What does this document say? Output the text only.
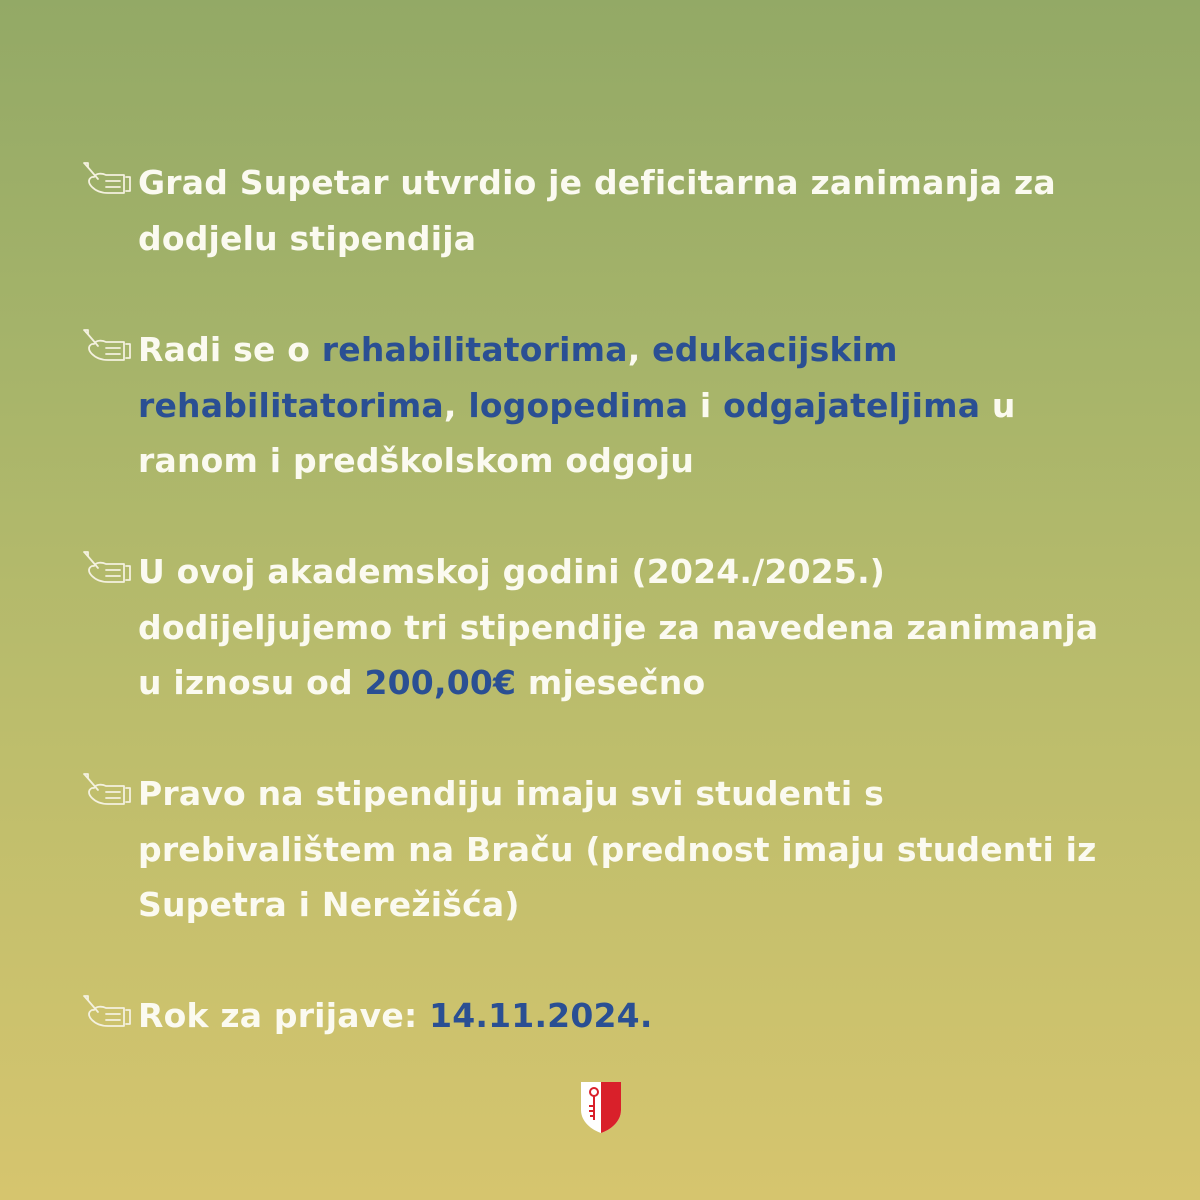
Grad Supetar utvrdio je deficitarna zanimanja za dodjelu stipendija
Radi se o rehabilitatorima, edukacijskim rehabilitatorima, logopedima i odgajateljima u ranom i predškolskom odgoju
U ovoj akademskoj godini (2024./2025.) dodijeljujemo tri stipendije za navedena zanimanja u iznosu od 200,00€ mjesečno
Pravo na stipendiju imaju svi studenti s prebivalištem na Braču (prednost imaju studenti iz Supetra i Nerežišća)
Rok za prijave: 14.11.2024.
